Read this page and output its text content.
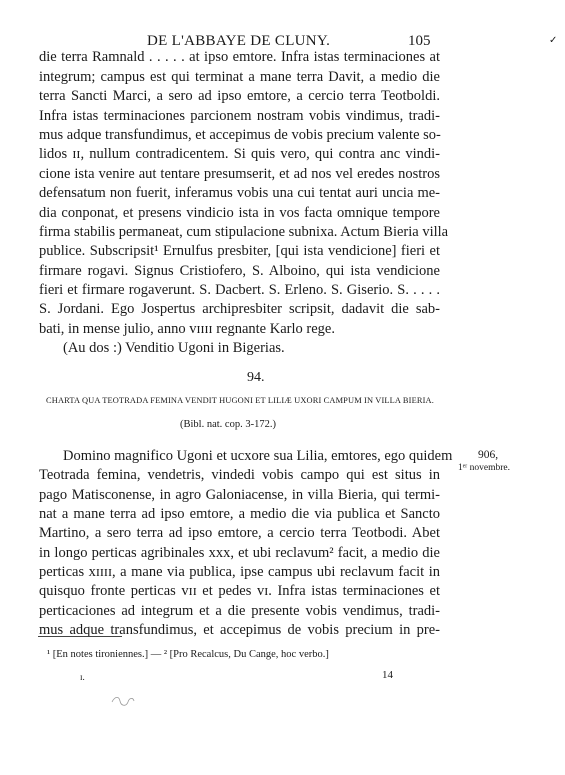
DE L'ABBAYE DE CLUNY.	105	✓
die terra Ramnald . . . . . at ipso emtore. Infra istas terminaciones at
integrum; campus est qui terminat a mane terra Davit, a medio die
terra Sancti Marci, a sero ad ipso emtore, a cercio terra Teotboldi.
Infra istas terminaciones parcionem nostram vobis vindimus, tradi-
mus adque transfundimus, et accepimus de vobis precium valente so-
lidos ɪɪ, nullum contradicentem. Si quis vero, qui contra anc vindi-
cione ista venire aut tentare presumserit, et ad nos vel eredes nostros
defensatum non fuerit, inferamus vobis una cui tentat auri uncia me-
dia conponat, et presens vindicio ista in vos facta omnique tempore
firma stabilis permaneat, cum stipulacione subnixa. Actum Bieria villa
publice. Subscripsit¹ Ernulfus presbiter, [qui ista vendicione] fieri et
firmare rogavi. Signus Cristiofero, S. Alboino, qui ista vendicione
fieri et firmare rogaverunt. S. Dacbert. S. Erleno. S. Giserio. S. . . . .
S. Jordani. Ego Jospertus archipresbiter scripsit, dadavit die sab-
bati, in mense julio, anno ᴠɪɪɪɪ regnante Karlo rege.
(Au dos :) Venditio Ugoni in Bigerias.
94.
CHARTA QUA TEOTRADA FEMINA VENDIT HUGONI ET LILIÆ UXORI CAMPUM IN VILLA BIERIA.
(Bibl. nat. cop. 3-172.)
906,
1ᵉʳ novembre.
Domino magnifico Ugoni et ucxore sua Lilia, emtores, ego quidem
Teotrada femina, vendetris, vindedi vobis campo qui est situs in
pago Matisconense, in agro Galoniacense, in villa Bieria, qui termi-
nat a mane terra ad ipso emtore, a medio die via publica et Sancto
Martino, a sero terra ad ipso emtore, a cercio terra Teotbodi. Abet
in longo perticas agribinales xxx, et ubi reclavum² facit, a medio die
perticas xɪɪɪɪ, a mane via publica, ipse campus ubi reclavum facit in
quisquo fronte perticas vɪɪ et pedes vɪ. Infra istas terminaciones et
perticaciones ad integrum et a die presente vobis vendimus, tradi-
mus adque transfundimus, et accepimus de vobis precium in pre-
¹ [En notes tironiennes.] — ² [Pro Recalcus, Du Cange, hoc verbo.]
ɪ.	14
